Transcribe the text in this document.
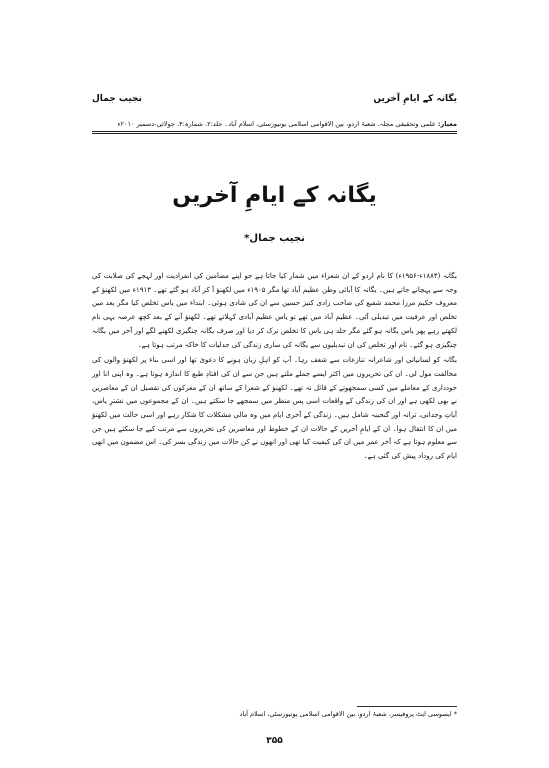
یگانہ کے ایامِ آخریں
نجیب جمال
معیار: علمی وتحقیقی مجلہ، شعبۂ اردو، بین الاقوامی اسلامی یونیورسٹی، اسلام آباد۔ جلد:۲، شمارہ:۴، جولائی-دسمبر ۲۰۱۰ء
یگانہ کے ایامِ آخریں
نجیب جمال*

یگانہ (۱۸۸۴ء-۱۹۵۶ء) کا نام اردو کے ان شعراء میں شمار کیا جاتا ہے جو اپنے مضامین کی انفرادیت اور لہجے کی صلابت کی وجہ سے پہچانے جاتے ہیں۔ یگانہ کا آبائی وطن عظیم آباد تھا مگر ۱۹۰۵ء میں لکھنؤ آ کر آباد ہو گئے تھے۔ ۱۹۱۳ء میں لکھنؤ کے معروف حکیم مرزا محمد شفیع کی صاحب زادی کنیز حسین سے ان کی شادی ہوئی۔ ابتداء میں یاس تخلص کیا مگر بعد میں تخلص اور عرفیت میں تبدیلی آئی۔ عظیم آباد میں تھے تو یاس عظیم آبادی کہلاتے تھے۔ لکھنؤ آنے کے بعد کچھ عرصہ یہی نام لکھتے رہے پھر یاس یگانہ ہو گئے مگر جلد ہی یاس کا تخلص ترک کر دیا اور صرف یگانہ چنگیزی لکھنے لگے اور آخر میں یگانہ چنگیزی ہو گئے۔ نام اور تخلص کی ان تبدیلیوں سے یگانہ کی ساری زندگی کی جدلیات کا خاکہ مرتب ہوتا ہے۔

یگانہ کو لسانیاتی اور شاعرانہ تنازعات سے شغف رہا۔ آپ کو اہلِ زبان ہونے کا دعویٰ تھا اور اسی بناء پر لکھنؤ والوں کی مخالفت مول لی۔ ان کی تحریروں میں اکثر ایسے جملے ملتے ہیں جن سے ان کی افتادِ طبع کا اندازہ ہوتا ہے۔ وہ اپنی انا اور خودداری کے معاملے میں کسی سمجھوتے کے قائل نہ تھے۔ لکھنؤ کے شعرا کے ساتھ ان کے معرکوں کی تفصیل ان کے معاصرین نے بھی لکھی ہے اور ان کی زندگی کے واقعات اسی پس منظر میں سمجھے جا سکتے ہیں۔ ان کے مجموعوں میں نشترِ یاس، آیاتِ وجدانی، ترانہ اور گنجینہ شامل ہیں۔ زندگی کے آخری ایام میں وہ مالی مشکلات کا شکار رہے اور اسی حالت میں لکھنؤ میں ان کا انتقال ہوا۔ ان کے ایامِ آخریں کے حالات ان کے خطوط اور معاصرین کی تحریروں سے مرتب کیے جا سکتے ہیں جن سے معلوم ہوتا ہے کہ آخر عمر میں ان کی کیفیت کیا تھی اور انھوں نے کن حالات میں زندگی بسر کی۔ اس مضمون میں انھی ایام کی روداد پیش کی گئی ہے۔

* ایسوسی ایٹ پروفیسر، شعبۂ اردو، بین الاقوامی اسلامی یونیورسٹی، اسلام آباد
۳۵۵
